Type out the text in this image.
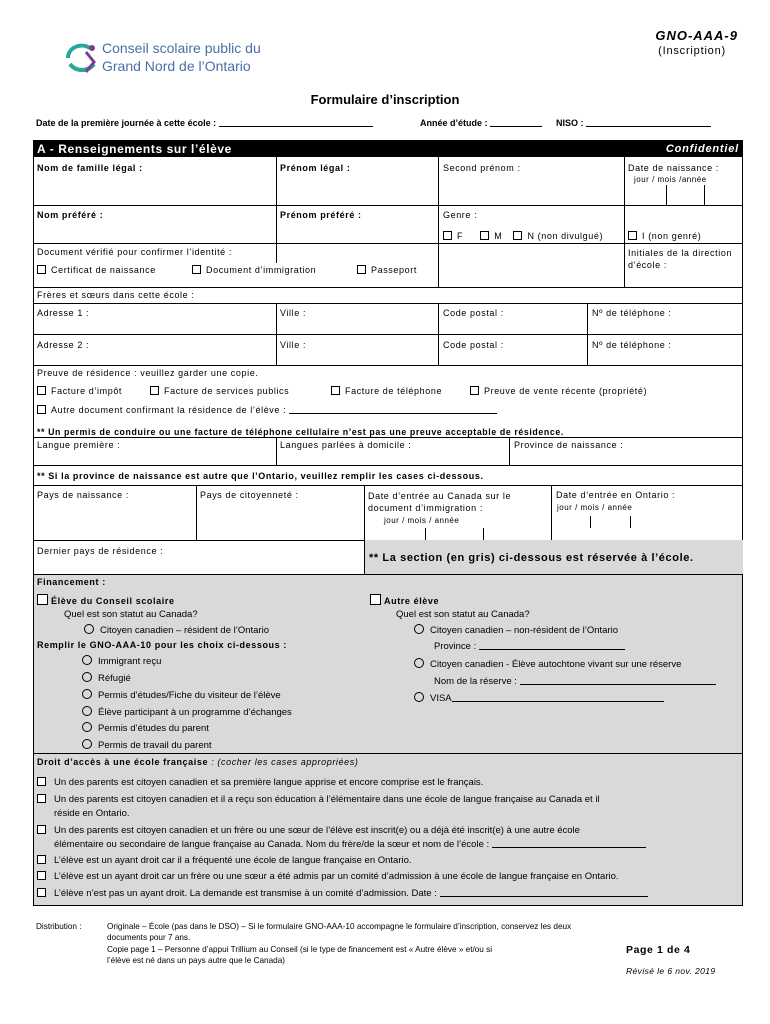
Conseil scolaire public du
Grand Nord de l’Ontario
GNO-AAA-9
(Inscription)
Formulaire d’inscription
Date de la première journée à cette école :	Année d’étude :	NISO :
A - Renseignements sur l’élève	Confidentiel
Nom de famille légal :	Prénom légal :	Second prénom :	Date de naissance :
jour / mois /année
Nom préféré :	Prénom préféré :	Genre :
F	M	N (non divulgué)	I (non genré)
Document vérifié pour confirmer l’identité :	Initiales de la direction d’école :
Certificat de naissance	Document d’immigration	Passeport
Frères et sœurs dans cette école :
Adresse 1 :	Ville :	Code postal :	Nº de téléphone :
Adresse 2 :	Ville :	Code postal :	Nº de téléphone :
Preuve de résidence : veuillez garder une copie.
Facture d’impôt	Facture de services publics	Facture de téléphone	Preuve de vente récente (propriété)
Autre document confirmant la résidence de l’élève :
** Un permis de conduire ou une facture de téléphone cellulaire n’est pas une preuve acceptable de résidence.
Langue première :	Langues parlées à domicile :	Province de naissance :
** Si la province de naissance est autre que l’Ontario, veuillez remplir les cases ci-dessous.
Pays de naissance :	Pays de citoyenneté :	Date d’entrée au Canada sur le document d’immigration :
jour / mois / année
Date d’entrée en Ontario :
jour / mois / année
Dernier pays de résidence :
** La section (en gris) ci-dessous est réservée à l’école.
Financement :
Élève du Conseil scolaire	Autre élève
Quel est son statut au Canada?	Quel est son statut au Canada?
Citoyen canadien – résident de l’Ontario
Remplir le GNO-AAA-10 pour les choix ci-dessous :
Immigrant reçu
Réfugié
Permis d’études/Fiche du visiteur de l’élève
Élève participant à un programme d’échanges
Permis d’études du parent
Permis de travail du parent
Citoyen canadien – non-résident de l’Ontario
Province :
Citoyen canadien - Élève autochtone vivant sur une réserve
Nom de la réserve :
VISA
Droit d’accès à une école française : (cocher les cases appropriées)
Un des parents est citoyen canadien et sa première langue apprise et encore comprise est le français.
Un des parents est citoyen canadien et il a reçu son éducation à l’élémentaire dans une école de langue française au Canada et il
réside en Ontario.
Un des parents est citoyen canadien et un frère ou une sœur de l’élève est inscrit(e) ou a déjà été inscrit(e) à une autre école
élémentaire ou secondaire de langue française au Canada. Nom du frère/de la sœur et nom de l’école :
L’élève est un ayant droit car il a fréquenté une école de langue française en Ontario.
L’élève est un ayant droit car un frère ou une sœur a été admis par un comité d’admission à une école de langue française en Ontario.
L’élève n’est pas un ayant droit. La demande est transmise à un comité d’admission. Date :
Distribution :	Originale – École (pas dans le DSO) – Si le formulaire GNO-AAA-10 accompagne le formulaire d’inscription, conservez les deux
documents pour 7 ans.
Copie page 1 – Personne d’appui Trillium au Conseil (si le type de financement est « Autre élève » et/ou si
l’élève est né dans un pays autre que le Canada)
Page 1 de 4
Révisé le 6 nov. 2019
